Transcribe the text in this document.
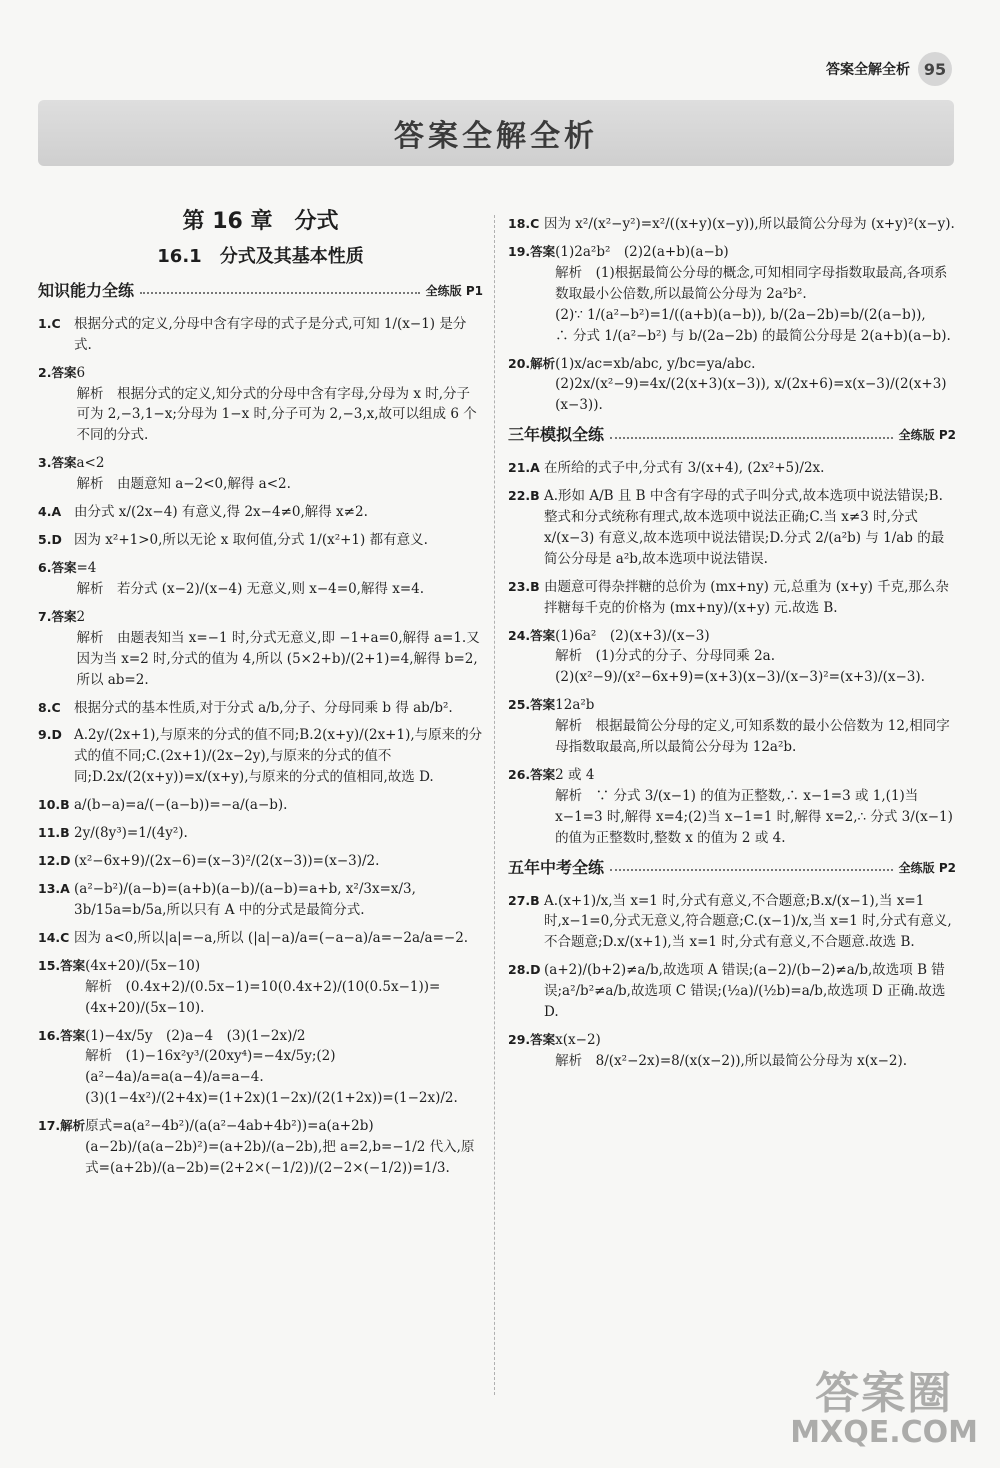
答案全解全析 95
答案全解全析
第 16 章　分式
16.1　分式及其基本性质
知识能力全练	全练版 P1
1.C 根据分式的定义,分母中含有字母的式子是分式,可知 1/(x−1) 是分式.
2.答案 6
解析　根据分式的定义,知分式的分母中含有字母,分母为 x 时,分子可为 2,−3,1−x;分母为 1−x 时,分子可为 2,−3,x,故可以组成 6 个不同的分式.
3.答案 a<2
解析　由题意知 a−2<0,解得 a<2.
4.A 由分式 x/(2x−4) 有意义,得 2x−4≠0,解得 x≠2.
5.D 因为 x²+1>0,所以无论 x 取何值,分式 1/(x²+1) 都有意义.
6.答案 =4
解析　若分式 (x−2)/(x−4) 无意义,则 x−4=0,解得 x=4.
7.答案 2
解析　由题表知当 x=−1 时,分式无意义,即 −1+a=0,解得 a=1.又因为当 x=2 时,分式的值为 4,所以 (5×2+b)/(2+1)=4,解得 b=2,所以 ab=2.
8.C 根据分式的基本性质,对于分式 a/b,分子、分母同乘 b 得 ab/b².
9.D A.2y/(2x+1),与原来的分式的值不同;B.2(x+y)/(2x+1),与原来的分式的值不同;C.(2x+1)/(2x−2y),与原来的分式的值不同;D.2x/(2(x+y))=x/(x+y),与原来的分式的值相同,故选 D.
10.B a/(b−a)=a/(−(a−b))=−a/(a−b).
11.B 2y/(8y³)=1/(4y²).
12.D (x²−6x+9)/(2x−6)=(x−3)²/(2(x−3))=(x−3)/2.
13.A (a²−b²)/(a−b)=(a+b)(a−b)/(a−b)=a+b, x²/3x=x/3, 3b/15a=b/5a,所以只有 A 中的分式是最简分式.
14.C 因为 a<0,所以|a|=−a,所以 (|a|−a)/a=(−a−a)/a=−2a/a=−2.
15.答案 (4x+20)/(5x−10)
解析　(0.4x+2)/(0.5x−1)=10(0.4x+2)/(10(0.5x−1))=(4x+20)/(5x−10).
16.答案 (1)−4x/5y　(2)a−4　(3)(1−2x)/2
解析　(1)−16x²y³/(20xy⁴)=−4x/5y;(2)(a²−4a)/a=a(a−4)/a=a−4.
(3)(1−4x²)/(2+4x)=(1+2x)(1−2x)/(2(1+2x))=(1−2x)/2.
17.解析 原式=a(a²−4b²)/(a(a²−4ab+4b²))=a(a+2b)(a−2b)/(a(a−2b)²)=(a+2b)/(a−2b),把 a=2,b=−1/2 代入,原式=(a+2b)/(a−2b)=(2+2×(−1/2))/(2−2×(−1/2))=1/3.
18.C 因为 x²/(x²−y²)=x²/((x+y)(x−y)),所以最简公分母为 (x+y)²(x−y).
19.答案 (1)2a²b²　(2)2(a+b)(a−b)
解析　(1)根据最简公分母的概念,可知相同字母指数取最高,各项系数取最小公倍数,所以最简公分母为 2a²b².
(2)∵ 1/(a²−b²)=1/((a+b)(a−b)), b/(2a−2b)=b/(2(a−b)),
∴ 分式 1/(a²−b²) 与 b/(2a−2b) 的最简公分母是 2(a+b)(a−b).
20.解析 (1)x/ac=xb/abc, y/bc=ya/abc.
(2)2x/(x²−9)=4x/(2(x+3)(x−3)), x/(2x+6)=x(x−3)/(2(x+3)(x−3)).
三年模拟全练	全练版 P2
21.A 在所给的式子中,分式有 3/(x+4), (2x²+5)/2x.
22.B A.形如 A/B 且 B 中含有字母的式子叫分式,故本选项中说法错误;B.整式和分式统称有理式,故本选项中说法正确;C.当 x≠3 时,分式 x/(x−3) 有意义,故本选项中说法错误;D.分式 2/(a²b) 与 1/ab 的最简公分母是 a²b,故本选项中说法错误.
23.B 由题意可得杂拌糖的总价为 (mx+ny) 元,总重为 (x+y) 千克,那么杂拌糖每千克的价格为 (mx+ny)/(x+y) 元.故选 B.
24.答案 (1)6a²　(2)(x+3)/(x−3)
解析　(1)分式的分子、分母同乘 2a.
(2)(x²−9)/(x²−6x+9)=(x+3)(x−3)/(x−3)²=(x+3)/(x−3).
25.答案 12a²b
解析　根据最简公分母的定义,可知系数的最小公倍数为 12,相同字母指数取最高,所以最简公分母为 12a²b.
26.答案 2 或 4
解析　∵ 分式 3/(x−1) 的值为正整数,∴ x−1=3 或 1,(1)当 x−1=3 时,解得 x=4;(2)当 x−1=1 时,解得 x=2,∴ 分式 3/(x−1) 的值为正整数时,整数 x 的值为 2 或 4.
五年中考全练	全练版 P2
27.B A.(x+1)/x,当 x=1 时,分式有意义,不合题意;B.x/(x−1),当 x=1 时,x−1=0,分式无意义,符合题意;C.(x−1)/x,当 x=1 时,分式有意义,不合题意;D.x/(x+1),当 x=1 时,分式有意义,不合题意.故选 B.
28.D (a+2)/(b+2)≠a/b,故选项 A 错误;(a−2)/(b−2)≠a/b,故选项 B 错误;a²/b²≠a/b,故选项 C 错误;(½a)/(½b)=a/b,故选项 D 正确.故选 D.
29.答案 x(x−2)
解析　8/(x²−2x)=8/(x(x−2)),所以最简公分母为 x(x−2).
答案圈
MXQE.COM
